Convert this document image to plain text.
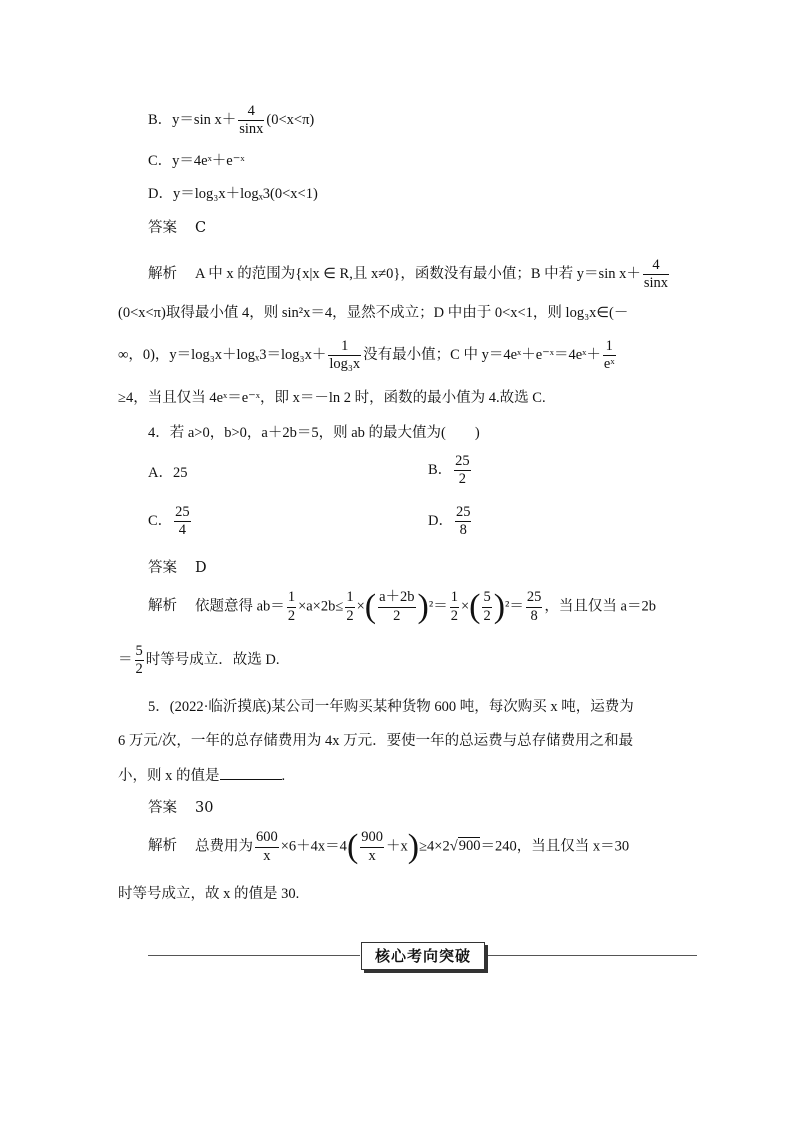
B．y＝sin $x+ \frac{4}{\sin x} (0<x<\pi)$
C．y＝4eˣ＋e⁻ˣ
D．y＝log₃x＋logₓ3(0<x<1)
答案 C
解析 A 中 x 的范围为{x|x ∈ R,且 x≠0}，函数没有最小值；B 中若 y＝sin $x+ \frac{4}{\sin x}$
(0<x<π)取得最小值 4，则 sin²x＝4，显然不成立；D 中由于 0<x<1，则 log₃x∈(－
∞，0)，$y=\log_3x+\log_x3=\log_3x+ \frac{1}{\text{log₃x}}$ 没有最小值；C 中 y＝4eˣ＋e⁻ˣ＝4eˣ＋ $\frac{1}{\text{eˣ}}$
≥4，当且仅当 4eˣ＝e⁻ˣ，即 x＝－ln 2 时，函数的最小值为 4.故选 C.
4．若 a>0，b>0，a＋2b＝5，则 ab 的最大值为(　　)
A．25	B． $\frac{25}{2}$
C． $\frac{25}{4}$	D． $\frac{25}{8}$
答案 D
解析 依题意得 $ab= \frac{1}{2} \times a\times 2b\le \frac{1}{2}$ ×( $\frac{a+2b}{2} )^2= \frac{1}{2}$ ×( $\frac{5}{2} )^2= \frac{25}{8}$ ，当且仅当 a＝2b
＝ $\frac{5}{2}$ 时等号成立．故选 D.
5．(2022·临沂摸底)某公司一年购买某种货物 600 吨，每次购买 x 吨，运费为
6 万元/次，一年的总存储费用为 4x 万元．要使一年的总运费与总存储费用之和最
小，则 x 的值是	.
答案 30
解析 总费用为 $\frac{600}{x} \times 6+4x=4( \frac{900}{x} +x)\ge 4\times 2√900=240$，当且仅当 x＝30
时等号成立，故 x 的值是 30.
核心考向突破
